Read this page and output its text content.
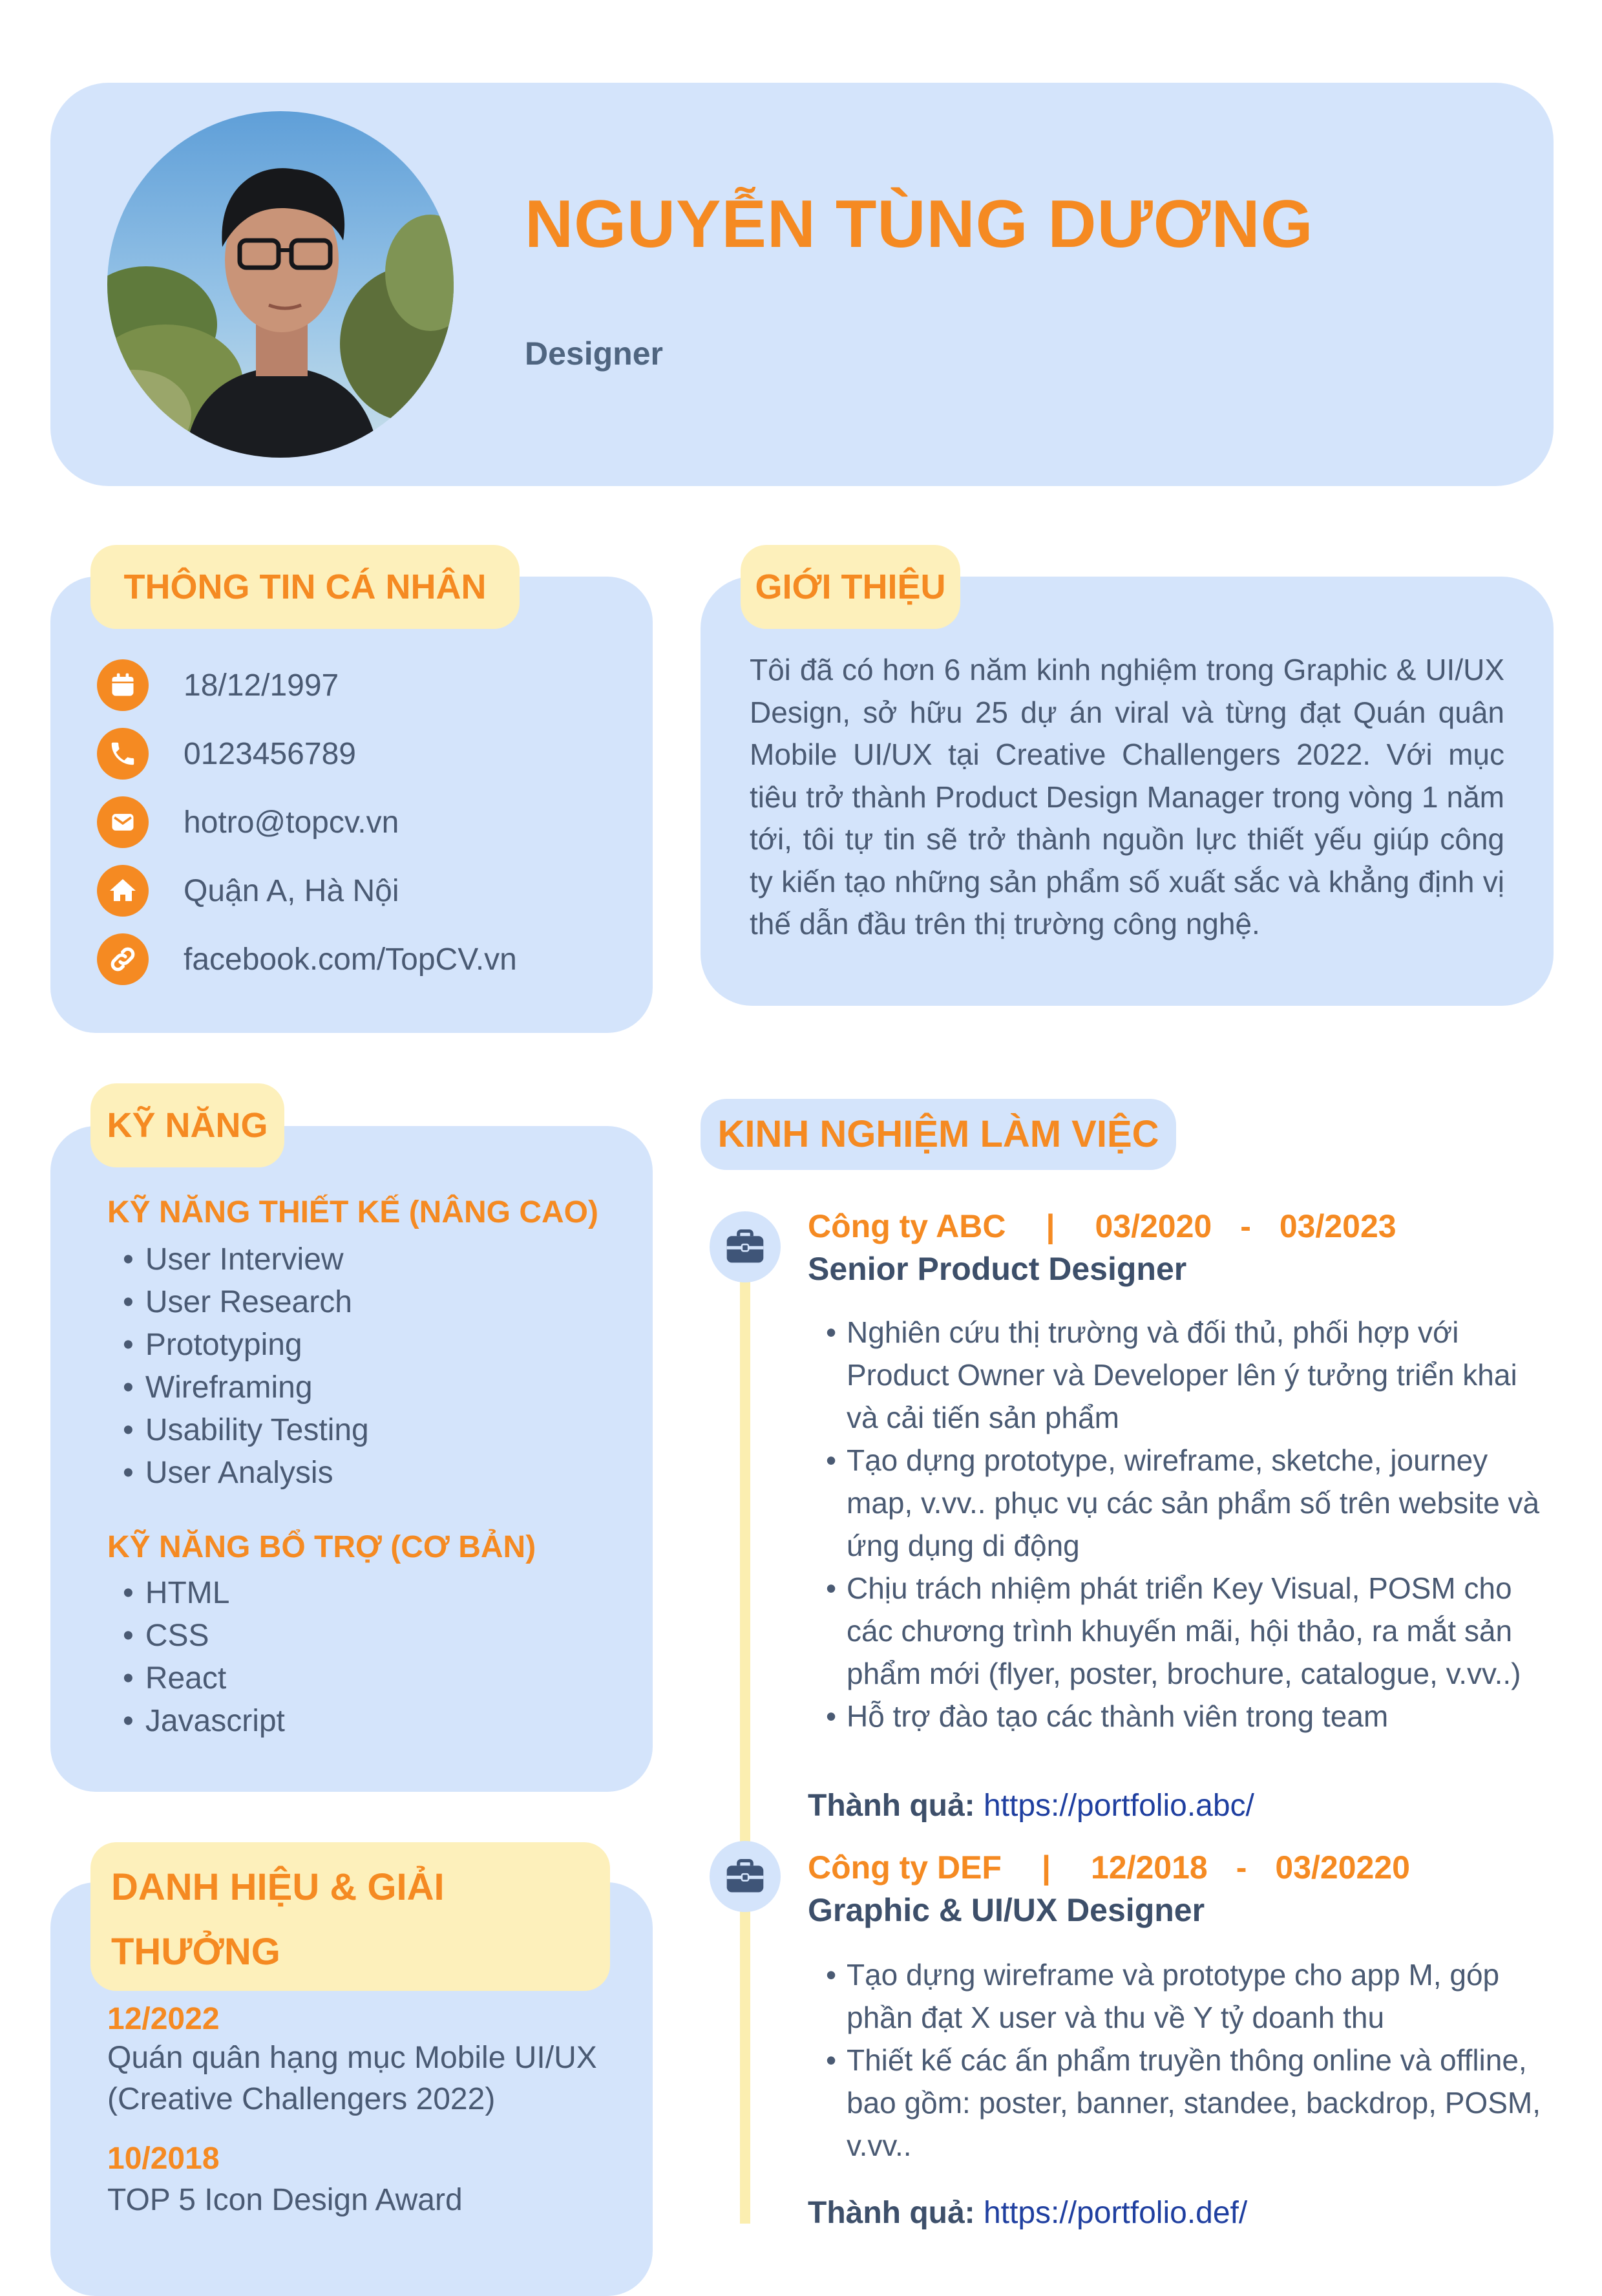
NGUYỄN TÙNG DƯƠNG
Designer
THÔNG TIN CÁ NHÂN
18/12/1997
0123456789
hotro@topcv.vn
Quận A, Hà Nội
facebook.com/TopCV.vn
GIỚI THIỆU
Tôi đã có hơn 6 năm kinh nghiệm trong Graphic & UI/UX Design, sở hữu 25 dự án viral và từng đạt Quán quân Mobile UI/UX tại Creative Challengers 2022. Với mục tiêu trở thành Product Design Manager trong vòng 1 năm tới, tôi tự tin sẽ trở thành nguồn lực thiết yếu giúp công ty kiến tạo những sản phẩm số xuất sắc và khẳng định vị thế dẫn đầu trên thị trường công nghệ.
KỸ NĂNG
KỸ NĂNG THIẾT KẾ (NÂNG CAO)
• User Interview
• User Research
• Prototyping
• Wireframing
• Usability Testing
• User Analysis
KỸ NĂNG BỔ TRỢ (CƠ BẢN)
• HTML
• CSS
• React
• Javascript
DANH HIỆU & GIẢI THƯỞNG
12/2022
Quán quân hạng mục Mobile UI/UX (Creative Challengers 2022)
10/2018
TOP 5 Icon Design Award
KINH NGHIỆM LÀM VIỆC
Công ty ABC | 03/2020 - 03/2023
Senior Product Designer
• Nghiên cứu thị trường và đối thủ, phối hợp với Product Owner và Developer lên ý tưởng triển khai và cải tiến sản phẩm
• Tạo dựng prototype, wireframe, sketche, journey map, v.vv.. phục vụ các sản phẩm số trên website và ứng dụng di động
• Chịu trách nhiệm phát triển Key Visual, POSM cho các chương trình khuyến mãi, hội thảo, ra mắt sản phẩm mới (flyer, poster, brochure, catalogue, v.vv..)
• Hỗ trợ đào tạo các thành viên trong team
Thành quả: https://portfolio.abc/
Công ty DEF | 12/2018 - 03/20220
Graphic & UI/UX Designer
• Tạo dựng wireframe và prototype cho app M, góp phần đạt X user và thu về Y tỷ doanh thu
• Thiết kế các ấn phẩm truyền thông online và offline, bao gồm: poster, banner, standee, backdrop, POSM, v.vv..
Thành quả: https://portfolio.def/
